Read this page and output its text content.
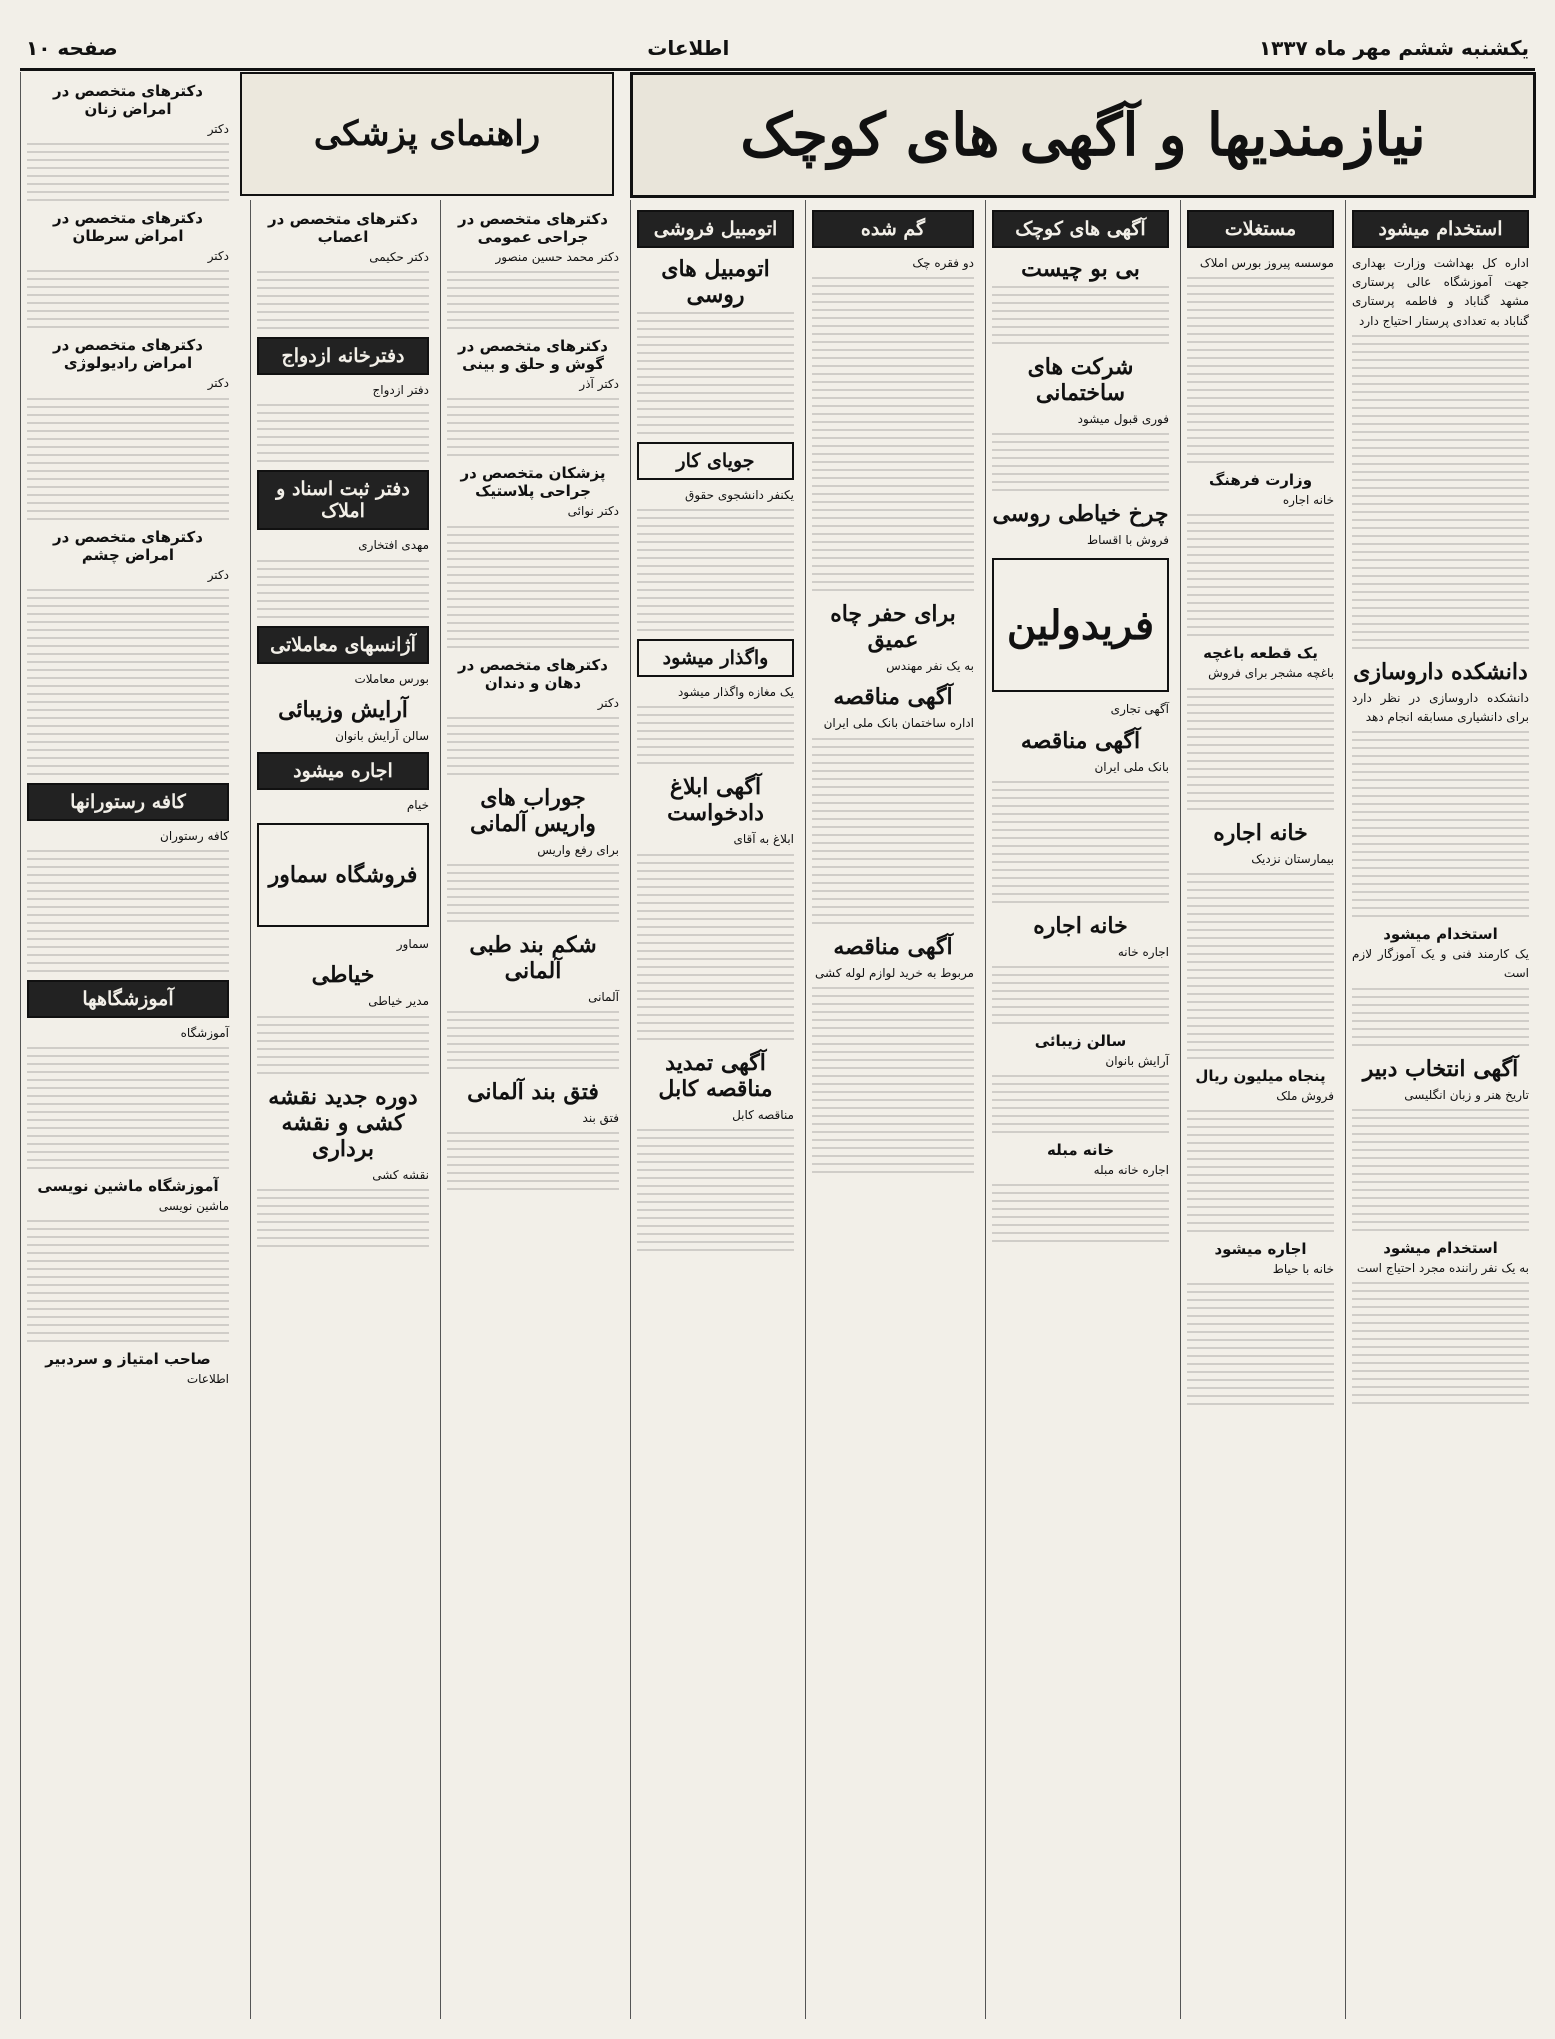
یکشنبه ششم مهر ماه ۱۳۳۷
اطلاعات
صفحه ۱۰
نیازمندیها و آگهی های کوچک
راهنمای پزشکی
استخدام میشود
اداره کل بهداشت وزارت بهداری جهت آموزشگاه عالی پرستاری مشهد گناباد و فاطمه پرستاری گناباد به تعدادی پرستار احتیاج دارد
دانشکده داروسازی
دانشکده داروسازی در نظر دارد برای دانشیاری مسابقه انجام دهد
استخدام میشود
یک کارمند فنی و یک آموزگار لازم است
آگهی انتخاب دبیر
تاریخ هنر و زبان انگلیسی
استخدام میشود
به یک نفر راننده مجرد احتیاج است
مستغلات
موسسه پیروز بورس املاک
وزارت فرهنگ
خانه اجاره
یک قطعه باغچه
باغچه مشجر برای فروش
خانه اجاره
بیمارستان نزدیک
پنجاه میلیون ریال
فروش ملک
اجاره میشود
خانه با حیاط
آگهی های کوچک
بی بو چیست
شرکت های ساختمانی
فوری قبول میشود
چرخ خیاطی روسی
فروش با اقساط
فریدولین
آگهی تجاری
آگهی مناقصه
بانک ملی ایران
خانه اجاره
اجاره خانه
سالن زیبائی
آرایش بانوان
خانه مبله
اجاره خانه مبله
گم شده
دو فقره چک
برای حفر چاه عمیق
به یک نفر مهندس
آگهی مناقصه
اداره ساختمان بانک ملی ایران
آگهی مناقصه
مربوط به خرید لوازم لوله کشی
اتومبیل فروشی
اتومبیل های روسی
جویای کار
یکنفر دانشجوی حقوق
واگذار میشود
یک مغازه واگذار میشود
آگهی ابلاغ دادخواست
ابلاغ به آقای
آگهی تمدید مناقصه کابل
مناقصه کابل
دکترهای متخصص در جراحی عمومی
دکتر محمد حسین منصور
دکترهای متخصص در گوش و حلق و بینی
دکتر آذر
پزشکان متخصص در جراحی پلاستیک
دکتر نوائی
دکترهای متخصص در دهان و دندان
دکتر
جوراب های واریس آلمانی
برای رفع واریس
شکم بند طبی آلمانی
آلمانی
فتق بند آلمانی
فتق بند
دکترهای متخصص در اعصاب
دکتر حکیمی
دفترخانه ازدواج
دفتر ازدواج
دفتر ثبت اسناد و املاک
مهدی افتخاری
آژانسهای معاملاتی
بورس معاملات
آرایش وزیبائی
سالن آرایش بانوان
اجاره میشود
خیام
فروشگاه سماور
سماور
خیاطی
مدیر خیاطی
دوره جدید نقشه کشی و نقشه برداری
نقشه کشی
دکترهای متخصص در امراض زنان
دکتر
دکترهای متخصص در امراض سرطان
دکتر
دکترهای متخصص در امراض رادیولوژی
دکتر
دکترهای متخصص در امراض چشم
دکتر
کافه رستورانها
کافه رستوران
آموزشگاهها
آموزشگاه
آموزشگاه ماشین نویسی
ماشین نویسی
صاحب امتیاز و سردبیر
اطلاعات
